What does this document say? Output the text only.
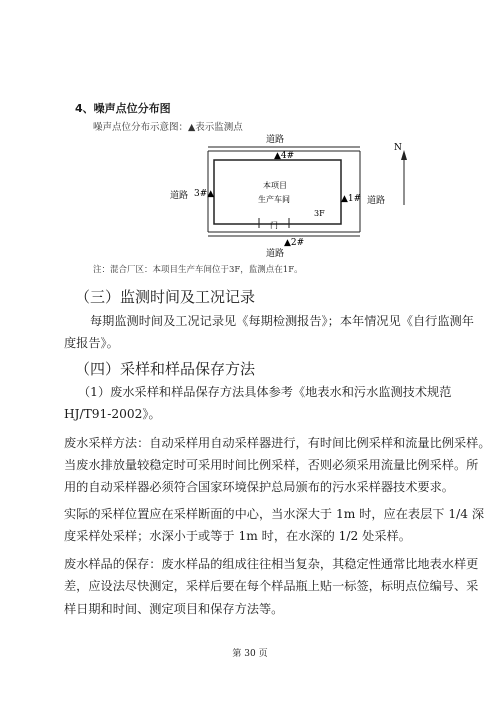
4、噪声点位分布图
噪声点位分布示意图：▲表示监测点
道路
道路
道路	道路
N
本项目
生产车间
3F
门
▲1#
▲2#
3#▲
▲4#
注：混合厂区：本项目生产车间位于3F，监测点在1F。
（三）监测时间及工况记录
每期监测时间及工况记录见《每期检测报告》；本年情况见《自行监测年
度报告》。
（四）采样和样品保存方法
（1）废水采样和样品保存方法具体参考《地表水和污水监测技术规范
HJ/T91-2002》。
废水采样方法：自动采样用自动采样器进行，有时间比例采样和流量比例采样。
当废水排放量较稳定时可采用时间比例采样，否则必须采用流量比例采样。所
用的自动采样器必须符合国家环境保护总局颁布的污水采样器技术要求。
实际的采样位置应在采样断面的中心，当水深大于 1m 时，应在表层下 1/4 深
度采样处采样；水深小于或等于 1m 时，在水深的 1/2 处采样。
废水样品的保存：废水样品的组成往往相当复杂，其稳定性通常比地表水样更
差，应设法尽快测定，采样后要在每个样品瓶上贴一标签，标明点位编号、采
样日期和时间、测定项目和保存方法等。
第 30 页
